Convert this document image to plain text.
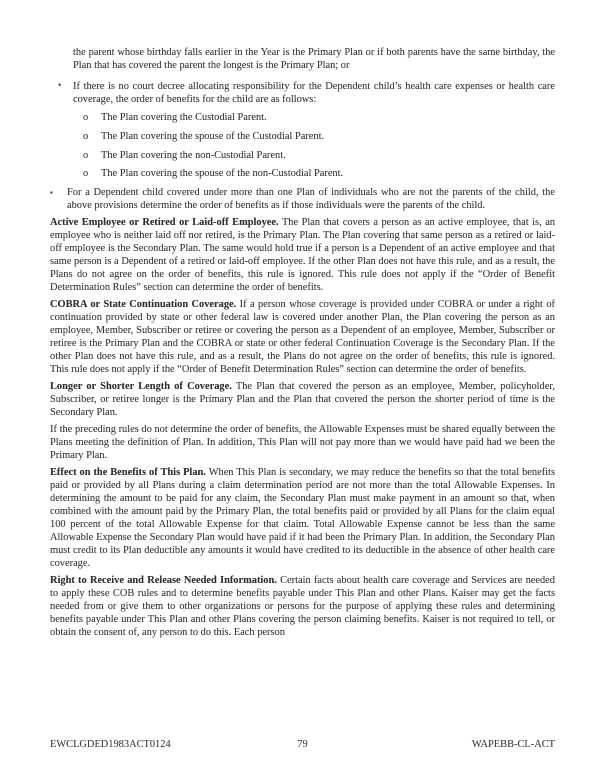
the parent whose birthday falls earlier in the Year is the Primary Plan or if both parents have the same birthday, the Plan that has covered the parent the longest is the Primary Plan; or

•	If there is no court decree allocating responsibility for the Dependent child’s health care expenses or health care coverage, the order of benefits for the child are as follows:
o	The Plan covering the Custodial Parent.
o	The Plan covering the spouse of the Custodial Parent.
o	The Plan covering the non-Custodial Parent.
o	The Plan covering the spouse of the non-Custodial Parent.
▪	For a Dependent child covered under more than one Plan of individuals who are not the parents of the child, the above provisions determine the order of benefits as if those individuals were the parents of the child.

Active Employee or Retired or Laid-off Employee. The Plan that covers a person as an active employee, that is, an employee who is neither laid off nor retired, is the Primary Plan. The Plan covering that same person as a retired or laid-off employee is the Secondary Plan. The same would hold true if a person is a Dependent of an active employee and that same person is a Dependent of a retired or laid-off employee. If the other Plan does not have this rule, and as a result, the Plans do not agree on the order of benefits, this rule is ignored. This rule does not apply if the “Order of Benefit Determination Rules” section can determine the order of benefits.

COBRA or State Continuation Coverage. If a person whose coverage is provided under COBRA or under a right of continuation provided by state or other federal law is covered under another Plan, the Plan covering the person as an employee, Member, Subscriber or retiree or covering the person as a Dependent of an employee, Member, Subscriber or retiree is the Primary Plan and the COBRA or state or other federal Continuation Coverage is the Secondary Plan. If the other Plan does not have this rule, and as a result, the Plans do not agree on the order of benefits, this rule is ignored. This rule does not apply if the “Order of Benefit Determination Rules” section can determine the order of benefits.

Longer or Shorter Length of Coverage. The Plan that covered the person as an employee, Member, policyholder, Subscriber, or retiree longer is the Primary Plan and the Plan that covered the person the shorter period of time is the Secondary Plan.

If the preceding rules do not determine the order of benefits, the Allowable Expenses must be shared equally between the Plans meeting the definition of Plan. In addition, This Plan will not pay more than we would have paid had we been the Primary Plan.

Effect on the Benefits of This Plan. When This Plan is secondary, we may reduce the benefits so that the total benefits paid or provided by all Plans during a claim determination period are not more than the total Allowable Expenses. In determining the amount to be paid for any claim, the Secondary Plan must make payment in an amount so that, when combined with the amount paid by the Primary Plan, the total benefits paid or provided by all Plans for the claim equal 100 percent of the total Allowable Expense for that claim. Total Allowable Expense cannot be less than the same Allowable Expense the Secondary Plan would have paid if it had been the Primary Plan. In addition, the Secondary Plan must credit to its Plan deductible any amounts it would have credited to its deductible in the absence of other health care coverage.

Right to Receive and Release Needed Information. Certain facts about health care coverage and Services are needed to apply these COB rules and to determine benefits payable under This Plan and other Plans. Kaiser may get the facts needed from or give them to other organizations or persons for the purpose of applying these rules and determining benefits payable under This Plan and other Plans covering the person claiming benefits. Kaiser is not required to tell, or obtain the consent of, any person to do this. Each person

EWCLGDED1983ACT0124	79	WAPEBB-CL-ACT
